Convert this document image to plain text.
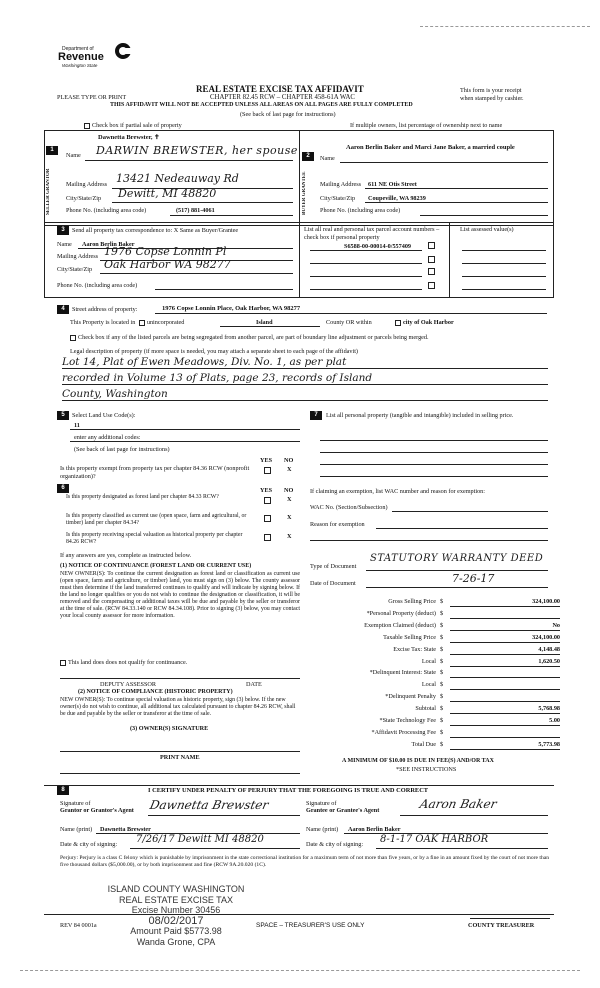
Department of
Revenue
Washington State
REAL ESTATE EXCISE TAX AFFIDAVIT
PLEASE TYPE OR PRINT	CHAPTER 82.45 RCW – CHAPTER 458-61A WAC
This form is your receipt
when stamped by cashier.
THIS AFFIDAVIT WILL NOT BE ACCEPTED UNLESS ALL AREAS ON ALL PAGES ARE FULLY COMPLETED
(See back of last page for instructions)
Check box if partial sale of property	If multiple owners, list percentage of ownership next to name
1
SELLER GRANTOR
Dawnetta Brewster, ✝
Name DARWIN BREWSTER, her spouse
Mailing Address 13421 Nedeauway Rd
City/State/Zip Dewitt, MI 48820
Phone No. (including area code)	(517) 881-4061
2
BUYER GRANTEE
Aaron Berlin Baker and Marci Jane Baker, a married couple
Name
Mailing Address 611 NE Otis Street
City/State/Zip Coupeville, WA 98239
Phone No. (including area code)
3	Send all property tax correspondence to: X Same as Buyer/Grantee
Name Aaron Berlin Baker
Mailing Address 1976 Copse Lonnin Pl
City/State/Zip Oak Harbor WA 98277
Phone No. (including area code)
List all real and personal tax parcel account numbers – check box if personal property
List assessed value(s)
S6588-00-00014-0/557409
4	Street address of property:	1976 Copse Lonnin Place, Oak Harbor, WA 98277
This Property is located in unincorporated	Island	County OR within	city of Oak Harbor
Check box if any of the listed parcels are being segregated from another parcel, are part of boundary line adjustment or parcels being merged.
Legal description of property (if more space is needed, you may attach a separate sheet to each page of the affidavit)
Lot 14, Plat of Ewen Meadows, Div. No. 1, as per plat
recorded in Volume 13 of Plats, page 23, records of Island
County, Washington
5	Select Land Use Code(s):
11
enter any additional codes:
(See back of last page for instructions)
YES NO
Is this property exempt from property tax per chapter 84.36 RCW (nonprofit organization)?
X
7	List all personal property (tangible and intangible) included in selling price.
6	YES NO
Is this property designated as forest land per chapter 84.33 RCW?	X
Is this property classified as current use (open space, farm and agricultural, or timber) land per chapter 84.34?
X
Is this property receiving special valuation as historical property per chapter 84.26 RCW?
X
If any answers are yes, complete as instructed below.
(1) NOTICE OF CONTINUANCE (FOREST LAND OR CURRENT USE)
NEW OWNER(S): To continue the current designation as forest land or classification as current use (open space, farm and agriculture, or timber) land, you must sign on (3) below. The county assessor must then determine if the land transferred continues to qualify and will indicate by signing below. If the land no longer qualifies or you do not wish to continue the designation or classification, it will be removed and the compensating or additional taxes will be due and payable by the seller or transferor at the time of sale. (RCW 84.33.140 or RCW 84.34.108). Prior to signing (3) below, you may contact your local county assessor for more information.
This land does does not qualify for continuance.
DEPUTY ASSESSOR	DATE
(2) NOTICE OF COMPLIANCE (HISTORIC PROPERTY)
NEW OWNER(S): To continue special valuation as historic property, sign (3) below. If the new owner(s) do not wish to continue, all additional tax calculated pursuant to chapter 84.26 RCW, shall be due and payable by the seller or transferor at the time of sale.
(3) OWNER(S) SIGNATURE
PRINT NAME
If claiming an exemption, list WAC number and reason for exemption:
WAC No. (Section/Subsection)
Reason for exemption
Type of Document
STATUTORY WARRANTY DEED
Date of Document	7-26-17
Gross Selling Price $	324,100.00
*Personal Property (deduct) $
Exemption Claimed (deduct) $	No
Taxable Selling Price $	324,100.00
Excise Tax: State $	4,148.48
Local $	1,620.50
*Delinquent Interest: State $
Local $
*Delinquent Penalty $
Subtotal $	5,768.98
*State Technology Fee $	5.00
*Affidavit Processing Fee $
Total Due $	5,773.98
A MINIMUM OF $10.00 IS DUE IN FEE(S) AND/OR TAX
*SEE INSTRUCTIONS
8	I CERTIFY UNDER PENALTY OF PERJURY THAT THE FOREGOING IS TRUE AND CORRECT
Signature of
Grantor or Grantor's Agent Dawnetta Brewster	Signature of
Grantee or Grantee's Agent	Aaron Baker
Name (print) Dawnetta Brewster	Name (print) Aaron Berlin Baker
Date & city of signing: 7/26/17 Dewitt MI 48820	Date & city of signing: 8-1-17 OAK HARBOR
Perjury: Perjury is a class C felony which is punishable by imprisonment in the state correctional institution for a maximum term of not more than five years, or by a fine in an amount fixed by the court of not more than five thousand dollars ($5,000.00), or by both imprisonment and fine (RCW 9A.20.020 (1C).
ISLAND COUNTY WASHINGTON
REAL ESTATE EXCISE TAX
Excise Number 30456
08/02/2017
Amount Paid $5773.98
Wanda Grone, CPA
REV 84 0001a	SPACE – TREASURER'S USE ONLY	COUNTY TREASURER
